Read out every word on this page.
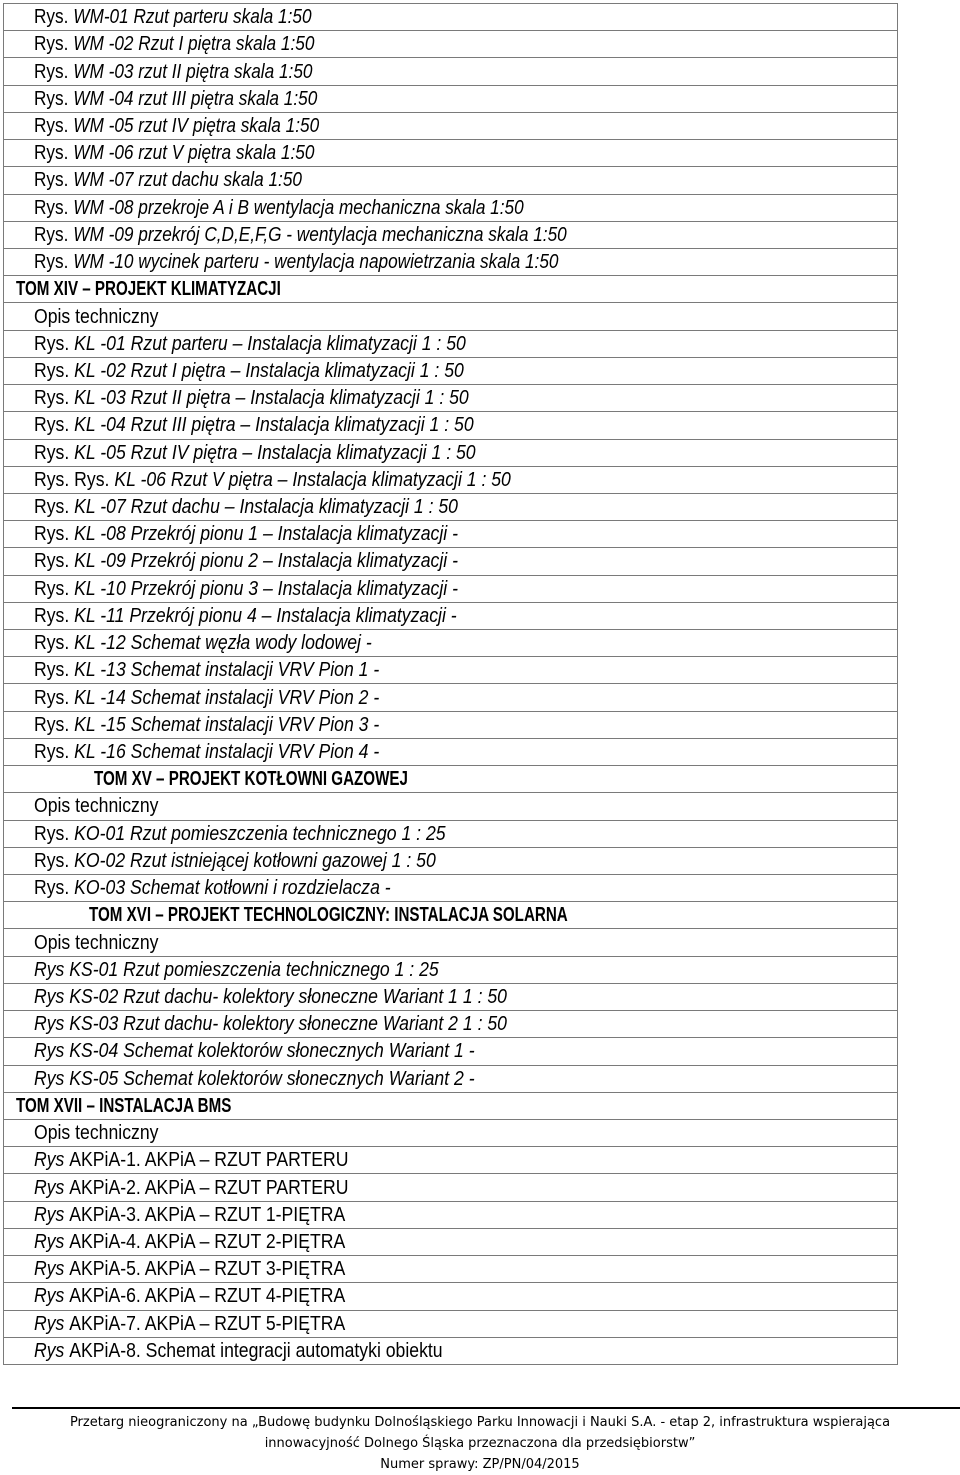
Rys. WM-01 Rzut parteru skala 1:50
Rys. WM -02 Rzut I piętra skala 1:50
Rys. WM -03 rzut II piętra skala 1:50
Rys. WM -04 rzut III piętra skala 1:50
Rys. WM -05 rzut IV piętra skala 1:50
Rys. WM -06 rzut V piętra skala 1:50
Rys. WM -07 rzut dachu skala 1:50
Rys. WM -08 przekroje A i B wentylacja mechaniczna skala 1:50
Rys. WM -09 przekrój C,D,E,F,G - wentylacja mechaniczna skala 1:50
Rys. WM -10 wycinek parteru - wentylacja napowietrzania skala 1:50
TOM XIV – PROJEKT KLIMATYZACJI
Opis techniczny
Rys. KL -01 Rzut parteru – Instalacja klimatyzacji 1 : 50
Rys. KL -02 Rzut I piętra – Instalacja klimatyzacji 1 : 50
Rys. KL -03 Rzut II piętra – Instalacja klimatyzacji 1 : 50
Rys. KL -04 Rzut III piętra – Instalacja klimatyzacji 1 : 50
Rys. KL -05 Rzut IV piętra – Instalacja klimatyzacji 1 : 50
Rys. Rys. KL -06 Rzut V piętra – Instalacja klimatyzacji 1 : 50
Rys. KL -07 Rzut dachu – Instalacja klimatyzacji 1 : 50
Rys. KL -08 Przekrój pionu 1 – Instalacja klimatyzacji -
Rys. KL -09 Przekrój pionu 2 – Instalacja klimatyzacji -
Rys. KL -10 Przekrój pionu 3 – Instalacja klimatyzacji -
Rys. KL -11 Przekrój pionu 4 – Instalacja klimatyzacji -
Rys. KL -12 Schemat węzła wody lodowej -
Rys. KL -13 Schemat instalacji VRV Pion 1 -
Rys. KL -14 Schemat instalacji VRV Pion 2 -
Rys. KL -15 Schemat instalacji VRV Pion 3 -
Rys. KL -16 Schemat instalacji VRV Pion 4 -
TOM XV – PROJEKT KOTŁOWNI GAZOWEJ
Opis techniczny
Rys. KO-01 Rzut pomieszczenia technicznego 1 : 25
Rys. KO-02 Rzut istniejącej kotłowni gazowej 1 : 50
Rys. KO-03 Schemat kotłowni i rozdzielacza -
TOM XVI – PROJEKT TECHNOLOGICZNY: INSTALACJA SOLARNA
Opis techniczny
Rys KS-01 Rzut pomieszczenia technicznego 1 : 25
Rys KS-02 Rzut dachu- kolektory słoneczne Wariant 1 1 : 50
Rys KS-03 Rzut dachu- kolektory słoneczne Wariant 2 1 : 50
Rys KS-04 Schemat kolektorów słonecznych Wariant 1 -
Rys KS-05 Schemat kolektorów słonecznych Wariant 2 -
TOM XVII – INSTALACJA BMS
Opis techniczny
Rys AKPiA-1. AKPiA – RZUT PARTERU
Rys AKPiA-2. AKPiA – RZUT PARTERU
Rys AKPiA-3. AKPiA – RZUT 1-PIĘTRA
Rys AKPiA-4. AKPiA – RZUT 2-PIĘTRA
Rys AKPiA-5. AKPiA – RZUT 3-PIĘTRA
Rys AKPiA-6. AKPiA – RZUT 4-PIĘTRA
Rys AKPiA-7. AKPiA – RZUT 5-PIĘTRA
Rys AKPiA-8. Schemat integracji automatyki obiektu
Przetarg nieograniczony na „Budowę budynku Dolnośląskiego Parku Innowacji i Nauki S.A. - etap 2, infrastruktura wspierająca
innowacyjność Dolnego Śląska przeznaczona dla przedsiębiorstw”
Numer sprawy: ZP/PN/04/2015
